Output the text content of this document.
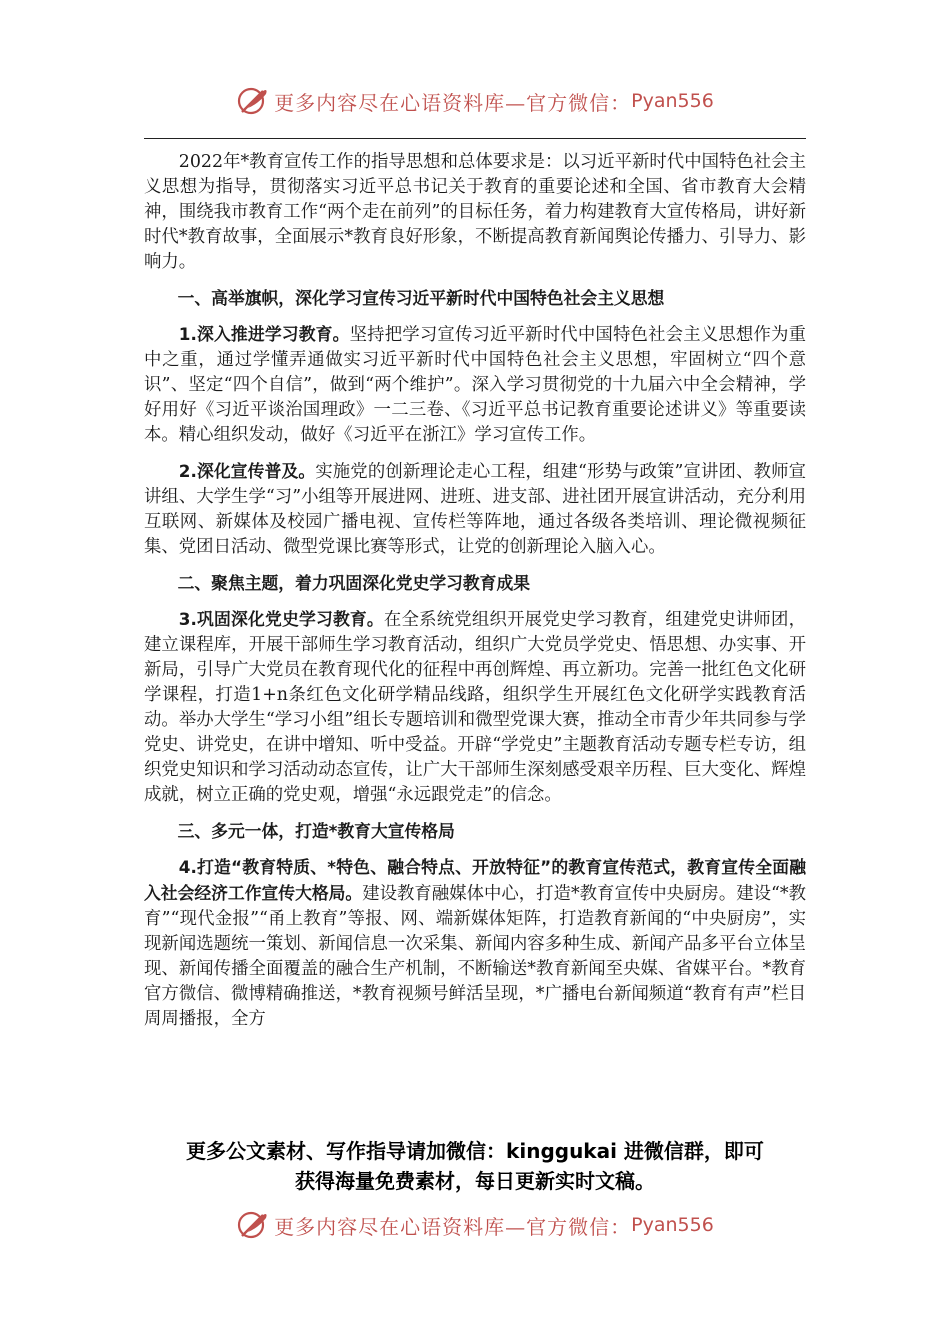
更多内容尽在心语资料库—官方微信： Pyan556

2022年*教育宣传工作的指导思想和总体要求是：以习近平新时代中国特色社会主义思想为指导，贯彻落实习近平总书记关于教育的重要论述和全国、省市教育大会精神，围绕我市教育工作“两个走在前列”的目标任务，着力构建教育大宣传格局，讲好新时代*教育故事，全面展示*教育良好形象，不断提高教育新闻舆论传播力、引导力、影响力。

一、高举旗帜，深化学习宣传习近平新时代中国特色社会主义思想

1.深入推进学习教育。坚持把学习宣传习近平新时代中国特色社会主义思想作为重中之重，通过学懂弄通做实习近平新时代中国特色社会主义思想，牢固树立“四个意识”、坚定“四个自信”，做到“两个维护”。深入学习贯彻党的十九届六中全会精神，学好用好《习近平谈治国理政》一二三卷、《习近平总书记教育重要论述讲义》等重要读本。精心组织发动，做好《习近平在浙江》学习宣传工作。

2.深化宣传普及。实施党的创新理论走心工程，组建“形势与政策”宣讲团、教师宣讲组、大学生学“习”小组等开展进网、进班、进支部、进社团开展宣讲活动，充分利用互联网、新媒体及校园广播电视、宣传栏等阵地，通过各级各类培训、理论微视频征集、党团日活动、微型党课比赛等形式，让党的创新理论入脑入心。

二、聚焦主题，着力巩固深化党史学习教育成果

3.巩固深化党史学习教育。在全系统党组织开展党史学习教育，组建党史讲师团，建立课程库，开展干部师生学习教育活动，组织广大党员学党史、悟思想、办实事、开新局，引导广大党员在教育现代化的征程中再创辉煌、再立新功。完善一批红色文化研学课程，打造1+n条红色文化研学精品线路，组织学生开展红色文化研学实践教育活动。举办大学生“学习小组”组长专题培训和微型党课大赛，推动全市青少年共同参与学党史、讲党史，在讲中增知、听中受益。开辟“学党史”主题教育活动专题专栏专访，组织党史知识和学习活动动态宣传，让广大干部师生深刻感受艰辛历程、巨大变化、辉煌成就，树立正确的党史观，增强“永远跟党走”的信念。

三、多元一体，打造*教育大宣传格局

4.打造“教育特质、*特色、融合特点、开放特征”的教育宣传范式，教育宣传全面融入社会经济工作宣传大格局。建设教育融媒体中心，打造*教育宣传中央厨房。建设“*教育”“现代金报”“甬上教育”等报、网、端新媒体矩阵，打造教育新闻的“中央厨房”，实现新闻选题统一策划、新闻信息一次采集、新闻内容多种生成、新闻产品多平台立体呈现、新闻传播全面覆盖的融合生产机制，不断输送*教育新闻至央媒、省媒平台。*教育官方微信、微博精确推送，*教育视频号鲜活呈现，*广播电台新闻频道“教育有声”栏目周周播报，全方

更多公文素材、写作指导请加微信：kinggukai 进微信群，即可
获得海量免费素材，每日更新实时文稿。
更多内容尽在心语资料库—官方微信： Pyan556
